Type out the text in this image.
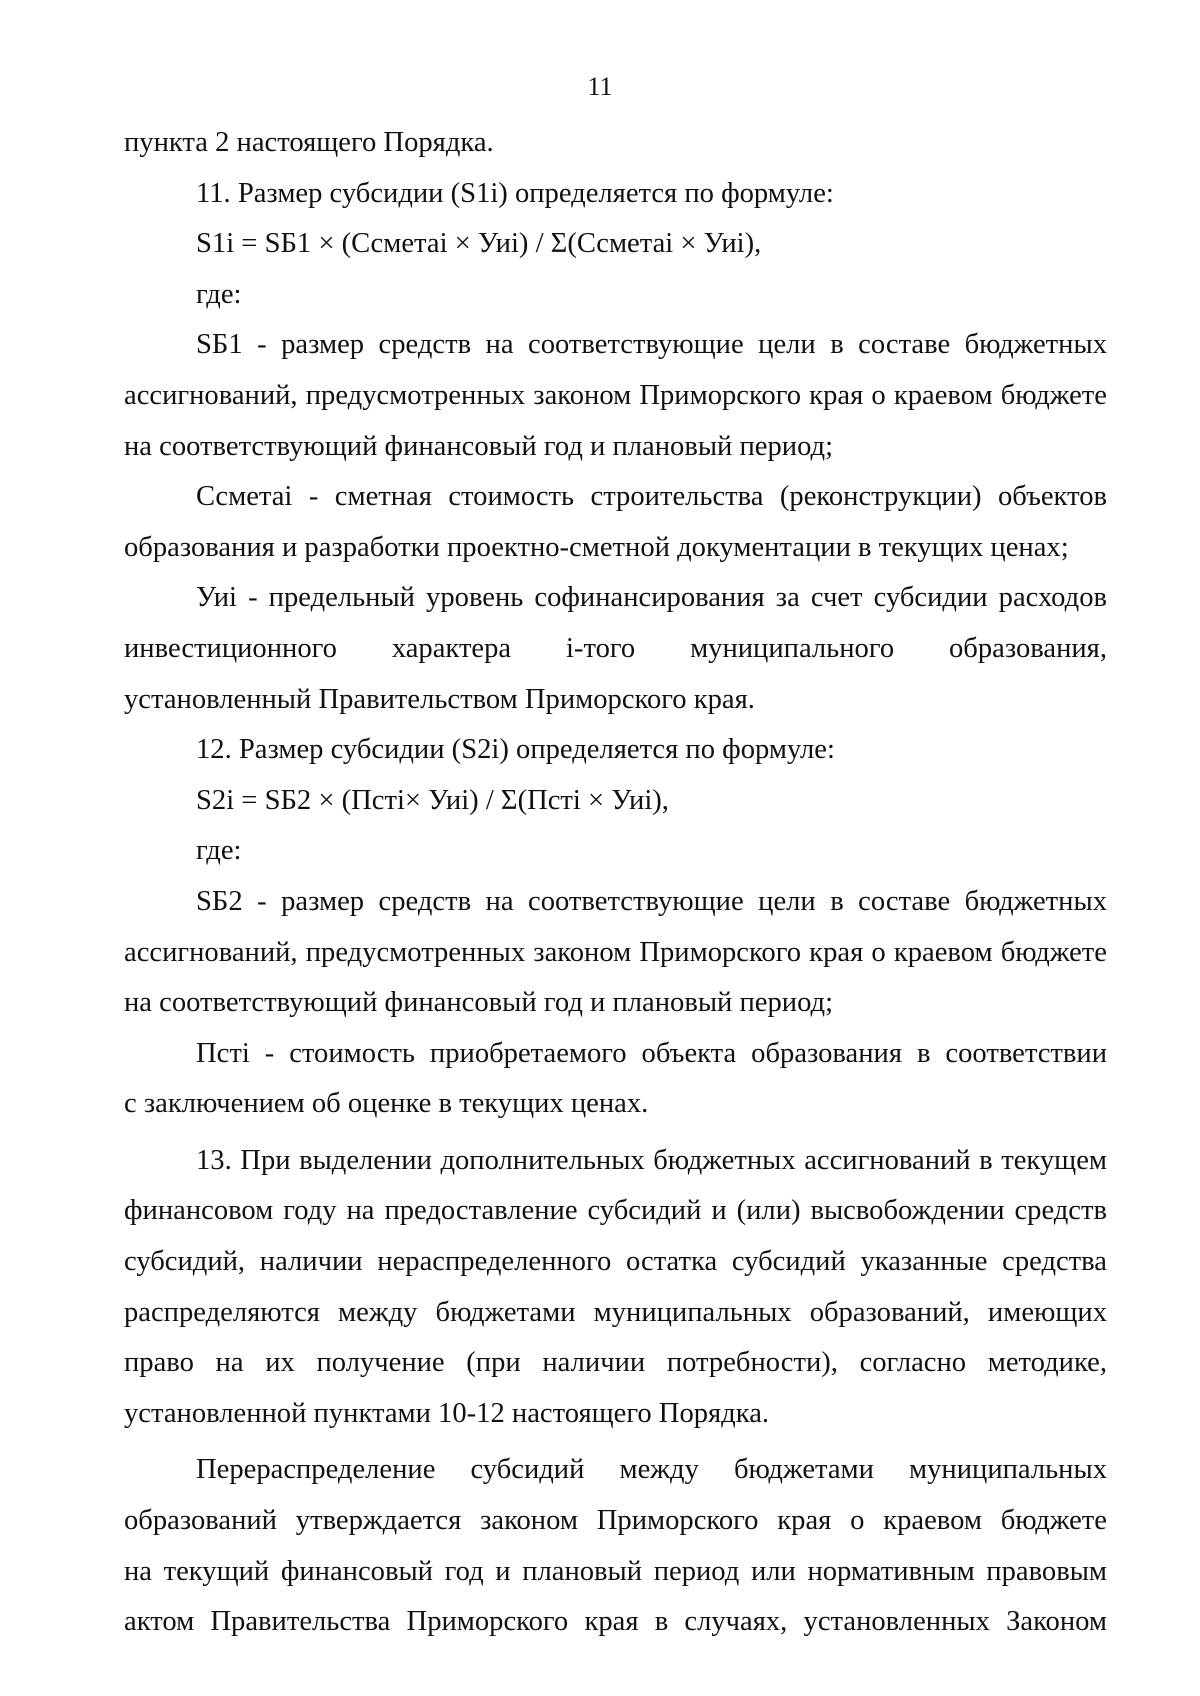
11
пункта 2 настоящего Порядка.
11. Размер субсидии (S1i) определяется по формуле:
S1i = SБ1 × (Ссметаi × Уиi) / Σ(Ссметаi × Уиi),
где:
SБ1 - размер средств на соответствующие цели в составе бюджетных
ассигнований, предусмотренных законом Приморского края о краевом бюджете
на соответствующий финансовый год и плановый период;
Ссметаi - сметная стоимость строительства (реконструкции) объектов
образования и разработки проектно-сметной документации в текущих ценах;
Уиi - предельный уровень софинансирования за счет субсидии расходов
инвестиционного характера i-того муниципального образования,
установленный Правительством Приморского края.
12. Размер субсидии (S2i) определяется по формуле:
S2i = SБ2 × (Пстi× Уиi) / Σ(Пстi × Уиi),
где:
SБ2 - размер средств на соответствующие цели в составе бюджетных
ассигнований, предусмотренных законом Приморского края о краевом бюджете
на соответствующий финансовый год и плановый период;
Пстi - стоимость приобретаемого объекта образования в соответствии
с заключением об оценке в текущих ценах.
13. При выделении дополнительных бюджетных ассигнований в текущем
финансовом году на предоставление субсидий и (или) высвобождении средств
субсидий, наличии нераспределенного остатка субсидий указанные средства
распределяются между бюджетами муниципальных образований, имеющих
право на их получение (при наличии потребности), согласно методике,
установленной пунктами 10-12 настоящего Порядка.
Перераспределение субсидий между бюджетами муниципальных
образований утверждается законом Приморского края о краевом бюджете
на текущий финансовый год и плановый период или нормативным правовым
актом Правительства Приморского края в случаях, установленных Законом
